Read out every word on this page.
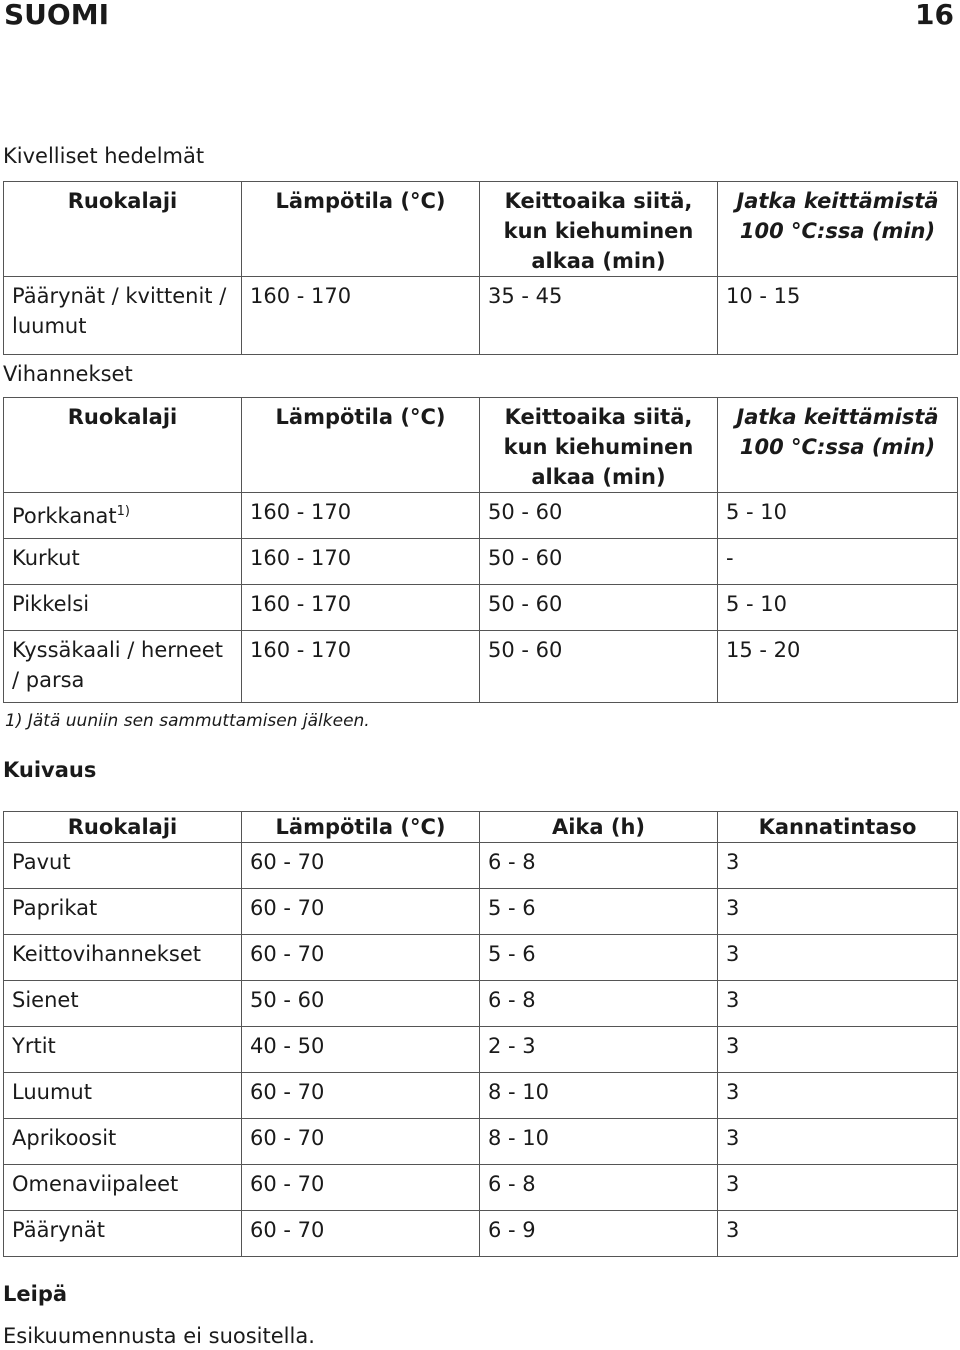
SUOMI	16
Kivelliset hedelmät
Ruokalaji	Lämpötila (°C)	Keittoaika siitä, kun kiehuminen alkaa (min)	Jatka keittämistä 100 °C:ssa (min)
Päärynät / kvittenit / luumut	160 - 170	35 - 45	10 - 15
Vihannekset
Ruokalaji	Lämpötila (°C)	Keittoaika siitä, kun kiehuminen alkaa (min)	Jatka keittämistä 100 °C:ssa (min)
Porkkanat$^{1)}$	160 - 170	50 - 60	5 - 10
Kurkut	160 - 170	50 - 60	-
Pikkelsi	160 - 170	50 - 60	5 - 10
Kyssäkaali / herneet / parsa	160 - 170	50 - 60	15 - 20
1) Jätä uuniin sen sammuttamisen jälkeen.
Kuivaus
Ruokalaji	Lämpötila (°C)	Aika (h)	Kannatintaso
Pavut	60 - 70	6 - 8	3
Paprikat	60 - 70	5 - 6	3
Keittovihannekset	60 - 70	5 - 6	3
Sienet	50 - 60	6 - 8	3
Yrtit	40 - 50	2 - 3	3
Luumut	60 - 70	8 - 10	3
Aprikoosit	60 - 70	8 - 10	3
Omenaviipaleet	60 - 70	6 - 8	3
Päärynät	60 - 70	6 - 9	3
Leipä
Esikuumennusta ei suositella.
